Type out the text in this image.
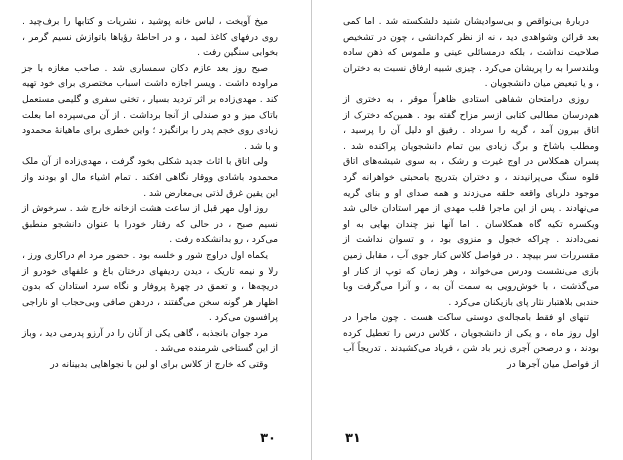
میخ آویخت ، لباس خانه پوشید ، نشریات و کتابها را برف‌چید . روی درفهای کاغذ لمید ، و در احاطهٔ رؤیاها باتوازش نسیم گرمر ، بخوابی سنگین رفت .

صبح روز بعد عازم دکان سمساری شد . صاحب مغازه با جز مراوده داشت . ویسر اجازه داشت اسباب مختصری برای خود تهیه کند . مهدی‌زاده بر اثر تردید بسیار ، تختی سفری و گلیمی مستعمل باتاک میز و دو صندلی از آنجا برداشت . از آن می‌سپرده اما بعلت زیادی روی خجم پدر را برانگیزد ؛ واین خطری برای ماهیانهٔ محمدود و با شد .

ولی اتاق با اثاث جدید شکلی بخود گرفت ، مهدی‌زاده از آن ملک محمدود باشادی ووقار نگاهی افکند . تمام اشیاء مال او بودند واز این یقین غرق لذتی بی‌معارض شد .

روز اول مهر قبل از ساعت هشت ازخانه خارج شد . سرخوش از نسیم صبح ، در حالی که رفتار خودرا با عنوان دانشجو منطبق می‌کرد ، رو بدانشکده رفت .

یکماه اول دراوج شور و خلسه بود . حضور مرد ام دراکاری ورز ، رلا و نیمه تاریک ، دیدن ردیفهای درختان باغ و علفهای خودرو از دریچه‌ها ، و تعمق در چهرهٔ پروفار و نگاه سرد استادان که بدون اظهار هر گونه سخن می‌گفتند ، دردهن صافی وبی‌حجاب او ناراجی پرافسون می‌کرد .

مرد جوان بانجذبه ، گاهی یکی از آنان را در آرزو پدرمی دید ، وباز از این گستاخی شرمنده می‌شد .

وقتی که خارج از کلاس برای او لبن با نجواهایی بدبینانه در

۳۰

دربارهٔ بی‌نواقص و بی‌سوادیشان شنید دلشکسته شد . اما کمی بعد قرائن وشواهدی دید ، نه از نظر کم‌دانشی ، چون در تشخیص صلاحیت نداشت ، بلکه درمسائلی عینی و ملموس که ذهن ساده وبلندسرا به را پریشان می‌کرد . چیزی شبیه ارفاق نسبت به دختران ، و یا تبعیض میان دانشجویان .

روزی درامتحان شفاهی استادی ظاهراً موقر ، به دختری از هم‌درسان مطالبی کتابی ازسر مزاح گفته بود . همین‌که دخترک از اتاق بیرون آمد ، گریه را سرداد . رفیق او دلیل آن را پرسید ، ومطلب باشاخ و برگ زیادی بین تمام دانشجویان پراکنده شد . پسران همکلاس در اوج غیرت و رشک ، به سوی شیشه‌های اتاق قلوه سنگ می‌پرانیدند ، و دختران بتدریج بامحبتی خواهرانه گرد موجود دلربای واقعه حلقه می‌زدند و همه صدای او و بنای گریه می‌نهادند . پس از این ماجرا قلب مهدی از مهر استادان خالی شد ویکسره تکیه گاه همکلاسان . اما آنها نیز چندان بهایی به او نمی‌دادند . چراکه خجول و منزوی بود ، و تسوان نداشت از مقسررات سر بپیچد . در فواصل کلاس کنار جوی آب ، مقابل زمین بازی می‌نشست ودرس می‌خواند ، وهر زمان که توپ از کنار او می‌گذشت ، با خوش‌رویی به سمت آن به ، و آنرا می‌گرفت وبا حندبی بلاهتبار نثار پای بازیکنان می‌کرد .

تنهای او فقط بامجاله‌ی دوستی ساکت هست . چون ماجرا در اول روز ماه ، و یکی از دانشجویان ، کلاس درس را تعطیل کرده بودند ، و درصحن آجری زیر باد شن ، فریاد می‌کشیدند . تدریجاً آب از فواصل میان آجرها در

۳۱
